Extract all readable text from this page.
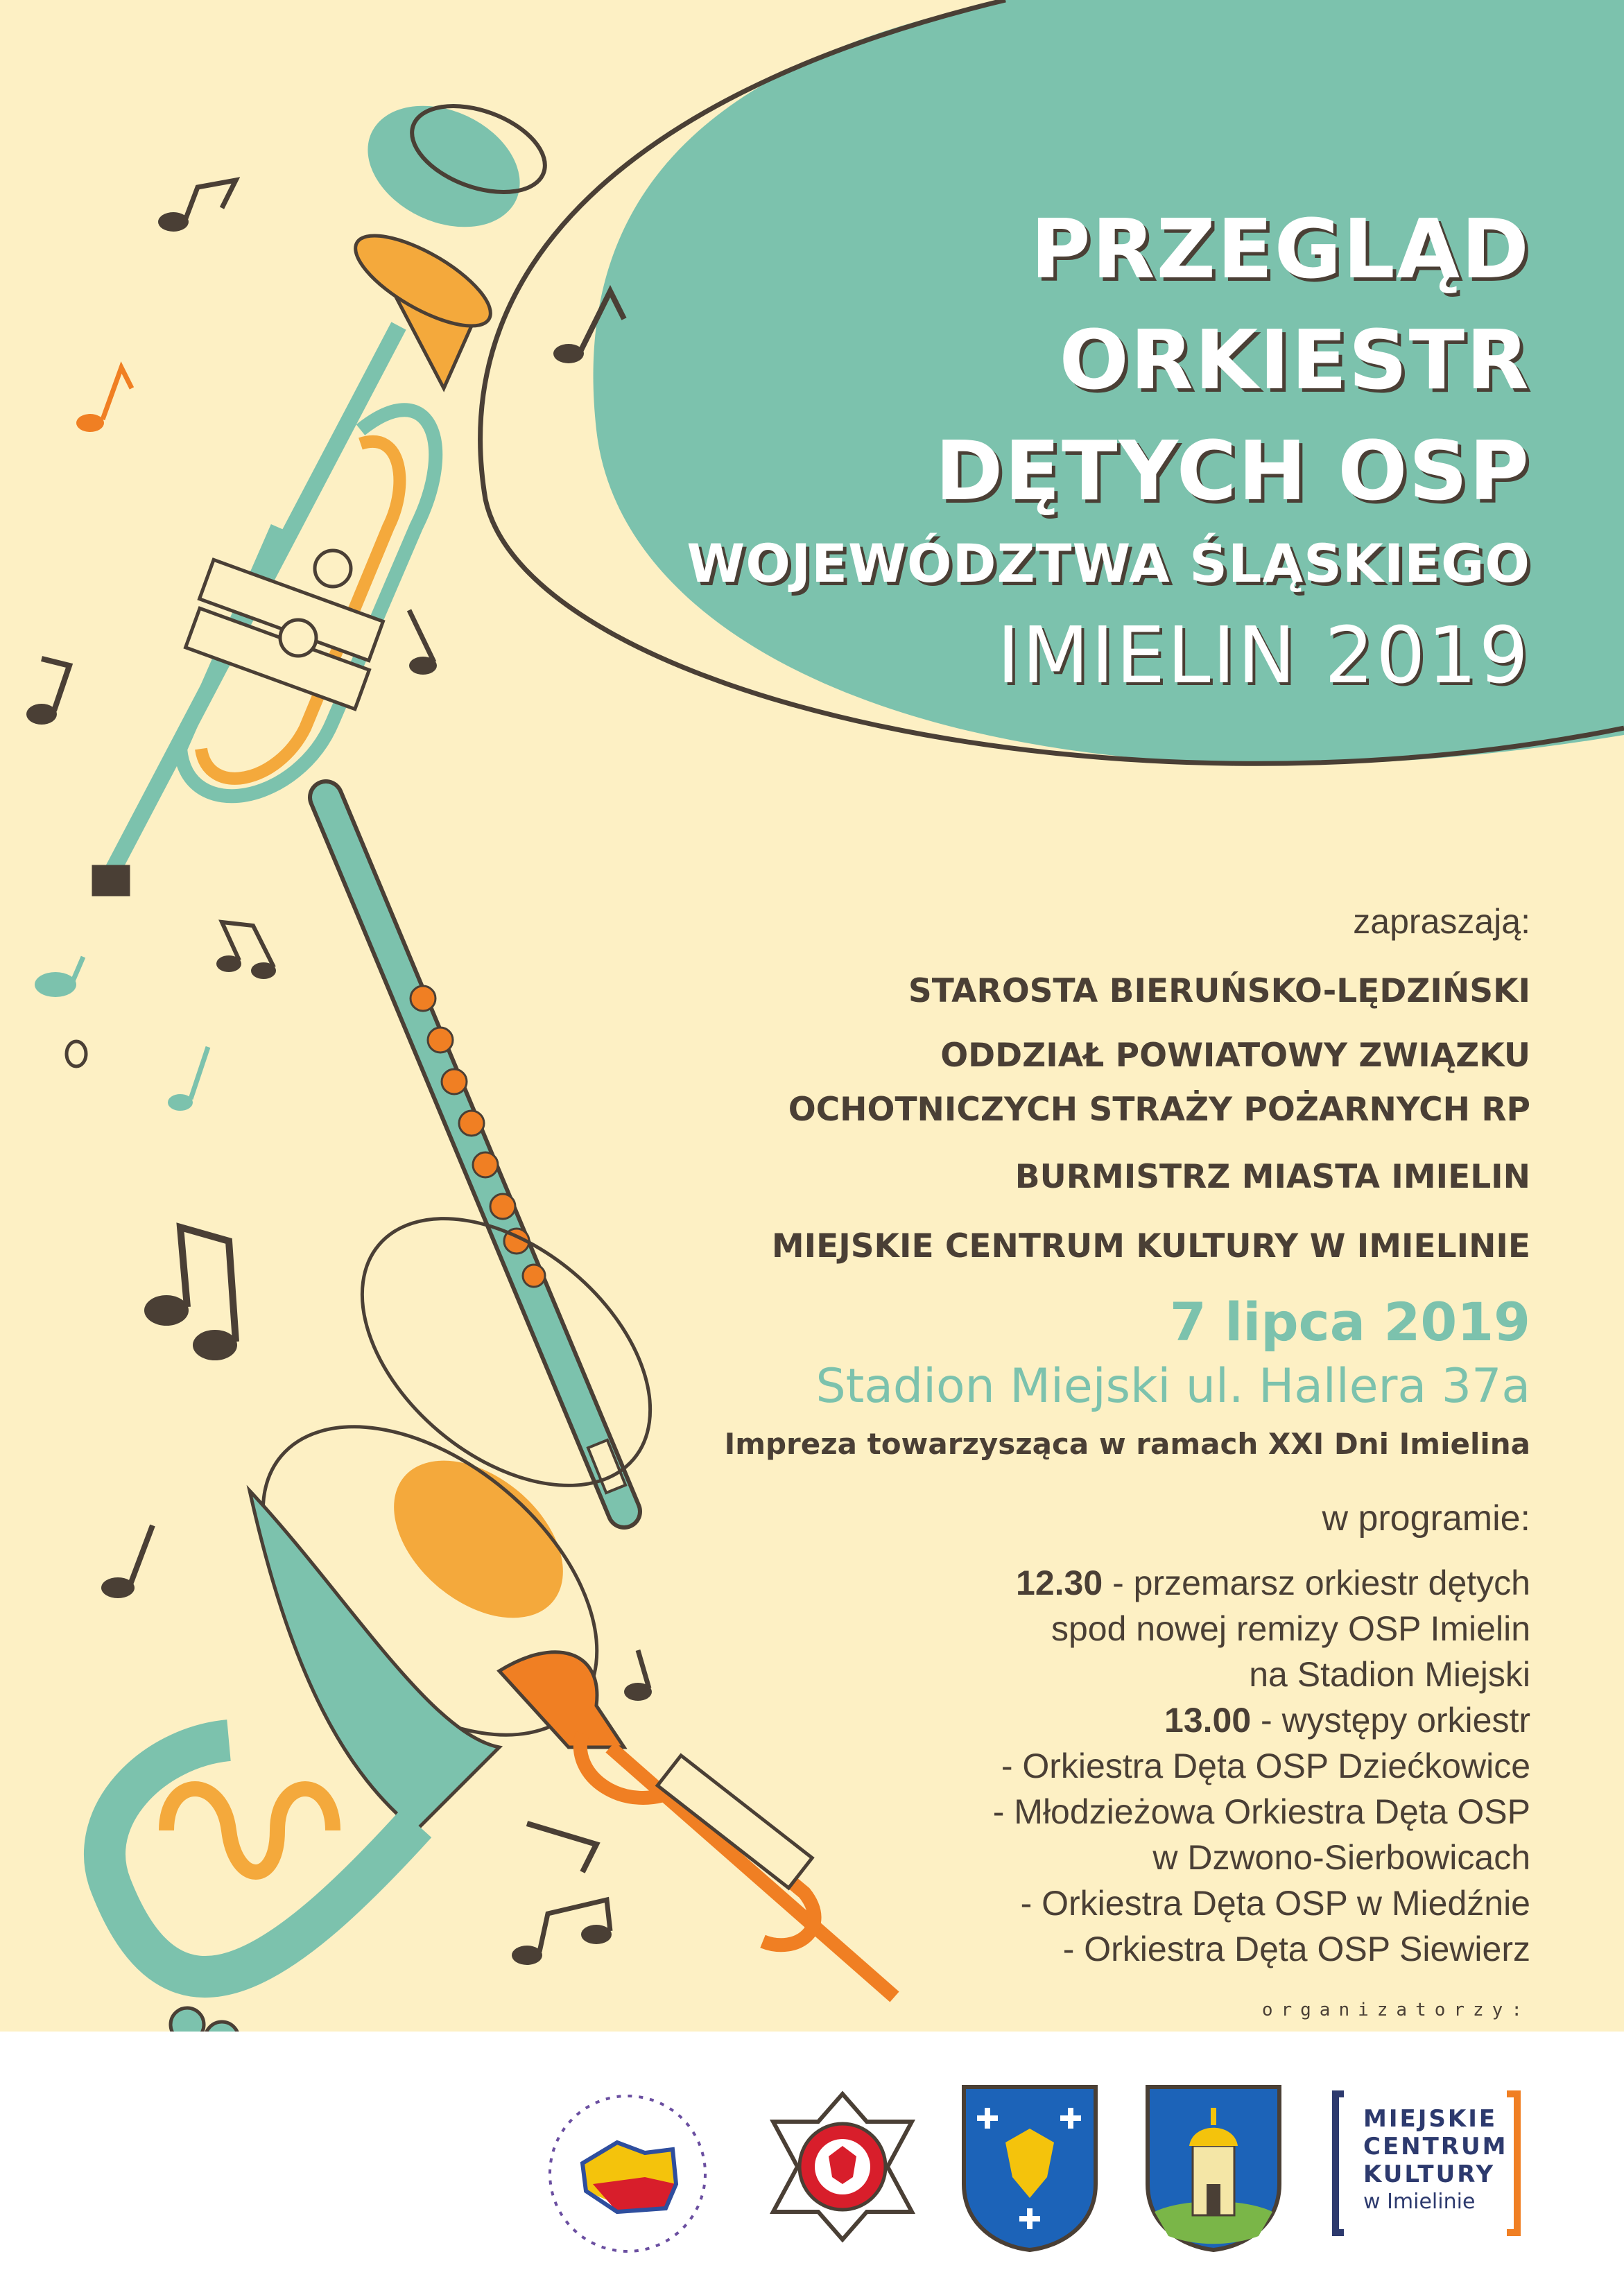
PRZEGLĄD
ORKIESTR
DĘTYCH OSP
WOJEWÓDZTWA ŚLĄSKIEGO
IMIELIN 2019
zapraszają:
STAROSTA BIERUŃSKO-LĘDZIŃSKI
ODDZIAŁ POWIATOWY ZWIĄZKU
OCHOTNICZYCH STRAŻY POŻARNYCH RP
BURMISTRZ MIASTA IMIELIN
MIEJSKIE CENTRUM KULTURY W IMIELINIE
7 lipca 2019
Stadion Miejski ul. Hallera 37a
Impreza towarzysząca w ramach XXI Dni Imielina
w programie:
12.30 - przemarsz orkiestr dętych
spod nowej remizy OSP Imielin
na Stadion Miejski
13.00 - występy orkiestr
- Orkiestra Dęta OSP Dziećkowice
- Młodzieżowa Orkiestra Dęta OSP
w Dzwono-Sierbowicach
- Orkiestra Dęta OSP w Miedźnie
- Orkiestra Dęta OSP Siewierz
organizatorzy:
MIEJSKIE
CENTRUM
KULTURY
w Imielinie
